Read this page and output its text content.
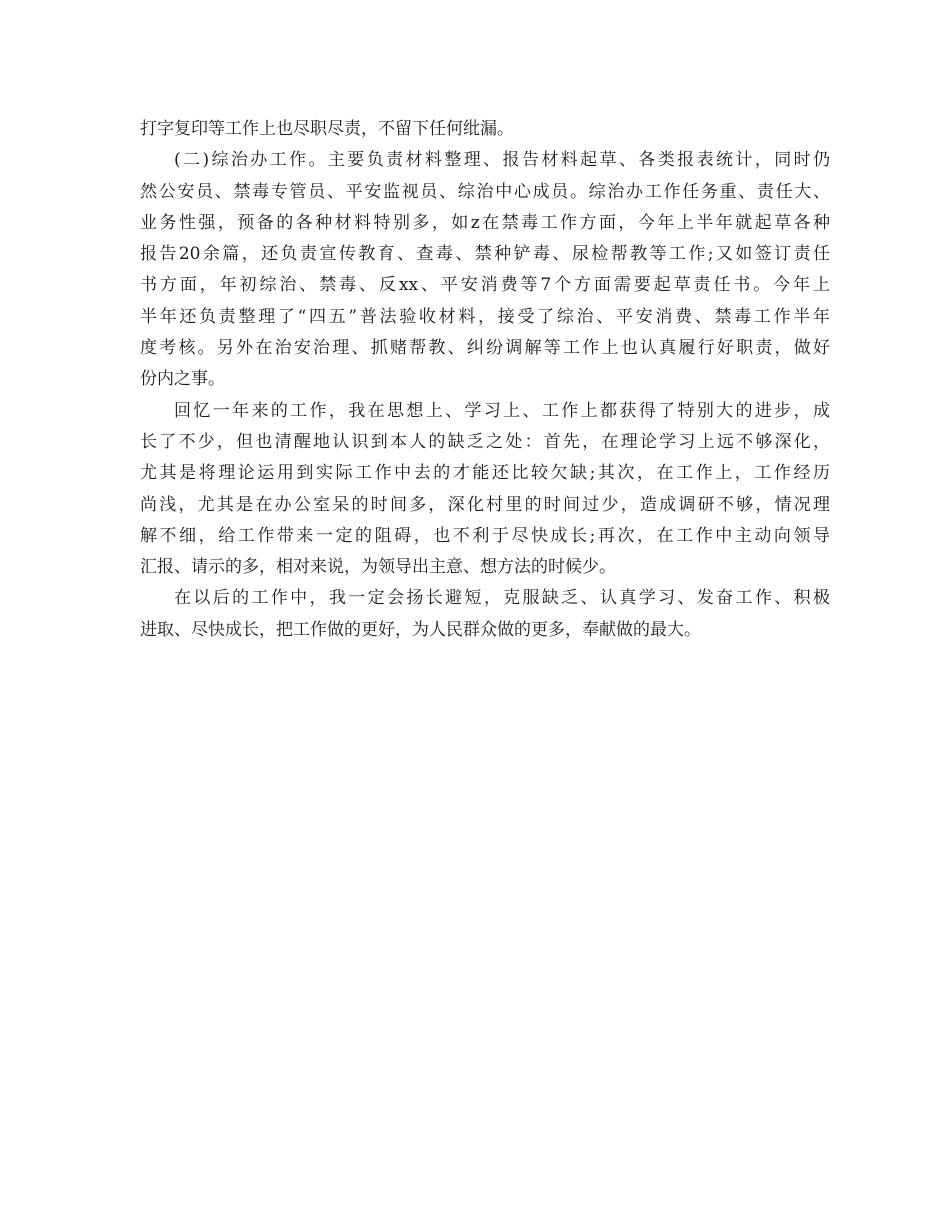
打字复印等工作上也尽职尽责，不留下任何纰漏。
(二)综治办工作。主要负责材料整理、报告材料起草、各类报表统计，同时仍
然公安员、禁毒专管员、平安监视员、综治中心成员。综治办工作任务重、责任大、
业务性强，预备的各种材料特别多，如z在禁毒工作方面，今年上半年就起草各种
报告20余篇，还负责宣传教育、查毒、禁种铲毒、尿检帮教等工作;又如签订责任
书方面，年初综治、禁毒、反xx、平安消费等7个方面需要起草责任书。今年上
半年还负责整理了“四五”普法验收材料，接受了综治、平安消费、禁毒工作半年
度考核。另外在治安治理、抓赌帮教、纠纷调解等工作上也认真履行好职责，做好
份内之事。
回忆一年来的工作，我在思想上、学习上、工作上都获得了特别大的进步，成
长了不少，但也清醒地认识到本人的缺乏之处：首先，在理论学习上远不够深化，
尤其是将理论运用到实际工作中去的才能还比较欠缺;其次，在工作上，工作经历
尚浅，尤其是在办公室呆的时间多，深化村里的时间过少，造成调研不够，情况理
解不细，给工作带来一定的阻碍，也不利于尽快成长;再次，在工作中主动向领导
汇报、请示的多，相对来说，为领导出主意、想方法的时候少。
在以后的工作中，我一定会扬长避短，克服缺乏、认真学习、发奋工作、积极
进取、尽快成长，把工作做的更好，为人民群众做的更多，奉献做的最大。
